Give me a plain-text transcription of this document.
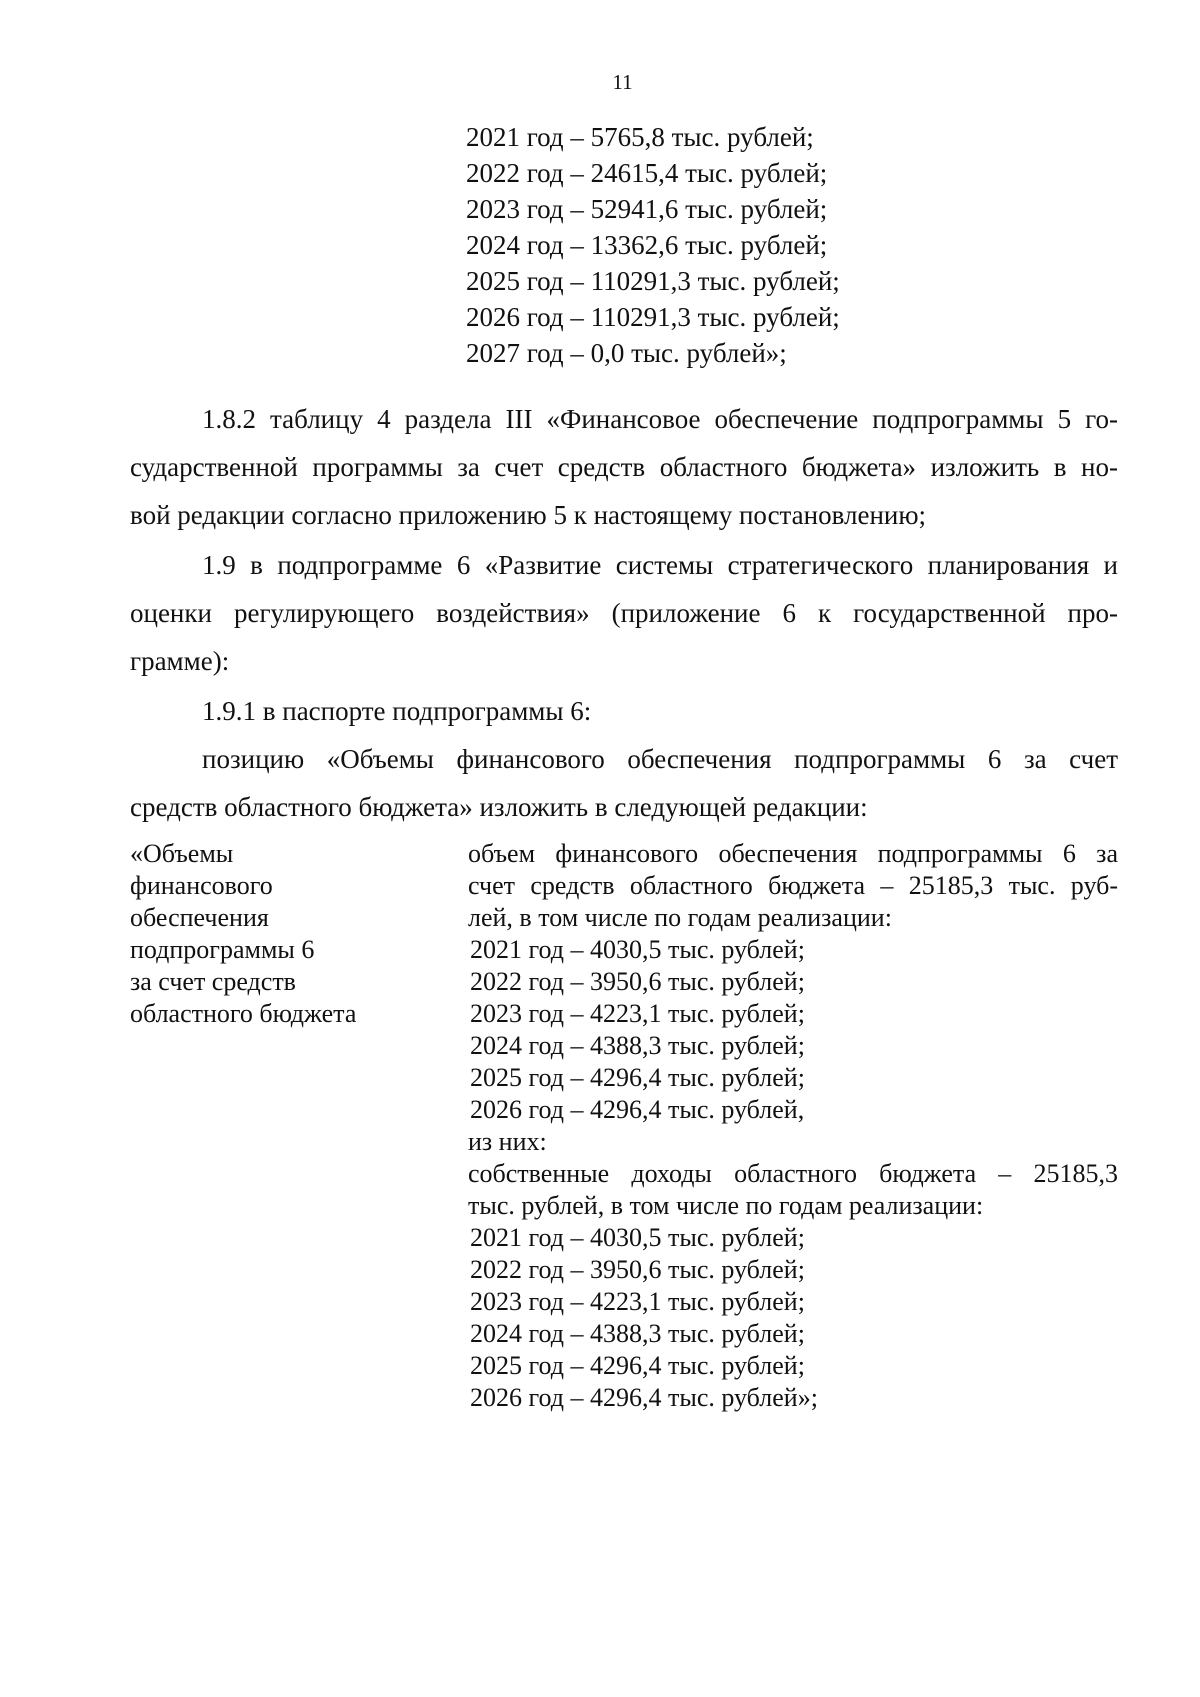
11
2021 год – 5765,8 тыс. рублей;
2022 год – 24615,4 тыс. рублей;
2023 год – 52941,6 тыс. рублей;
2024 год – 13362,6 тыс. рублей;
2025 год – 110291,3 тыс. рублей;
2026 год – 110291,3 тыс. рублей;
2027 год – 0,0 тыс. рублей»;
1.8.2 таблицу 4 раздела III «Финансовое обеспечение подпрограммы 5 го-
сударственной программы за счет средств областного бюджета» изложить в но-
вой редакции согласно приложению 5 к настоящему постановлению;
1.9 в подпрограмме 6 «Развитие системы стратегического планирования и
оценки регулирующего воздействия» (приложение 6 к государственной про-
грамме):
1.9.1 в паспорте подпрограммы 6:
позицию «Объемы финансового обеспечения подпрограммы 6 за счет
средств областного бюджета» изложить в следующей редакции:
«Объемы
финансового
обеспечения
подпрограммы 6
за счет средств
областного бюджета
объем финансового обеспечения подпрограммы 6 за
счет средств областного бюджета – 25185,3 тыс. руб-
лей, в том числе по годам реализации:
2021 год – 4030,5 тыс. рублей;
2022 год – 3950,6 тыс. рублей;
2023 год – 4223,1 тыс. рублей;
2024 год – 4388,3 тыс. рублей;
2025 год – 4296,4 тыс. рублей;
2026 год – 4296,4 тыс. рублей,
из них:
собственные доходы областного бюджета – 25185,3
тыс. рублей, в том числе по годам реализации:
2021 год – 4030,5 тыс. рублей;
2022 год – 3950,6 тыс. рублей;
2023 год – 4223,1 тыс. рублей;
2024 год – 4388,3 тыс. рублей;
2025 год – 4296,4 тыс. рублей;
2026 год – 4296,4 тыс. рублей»;
